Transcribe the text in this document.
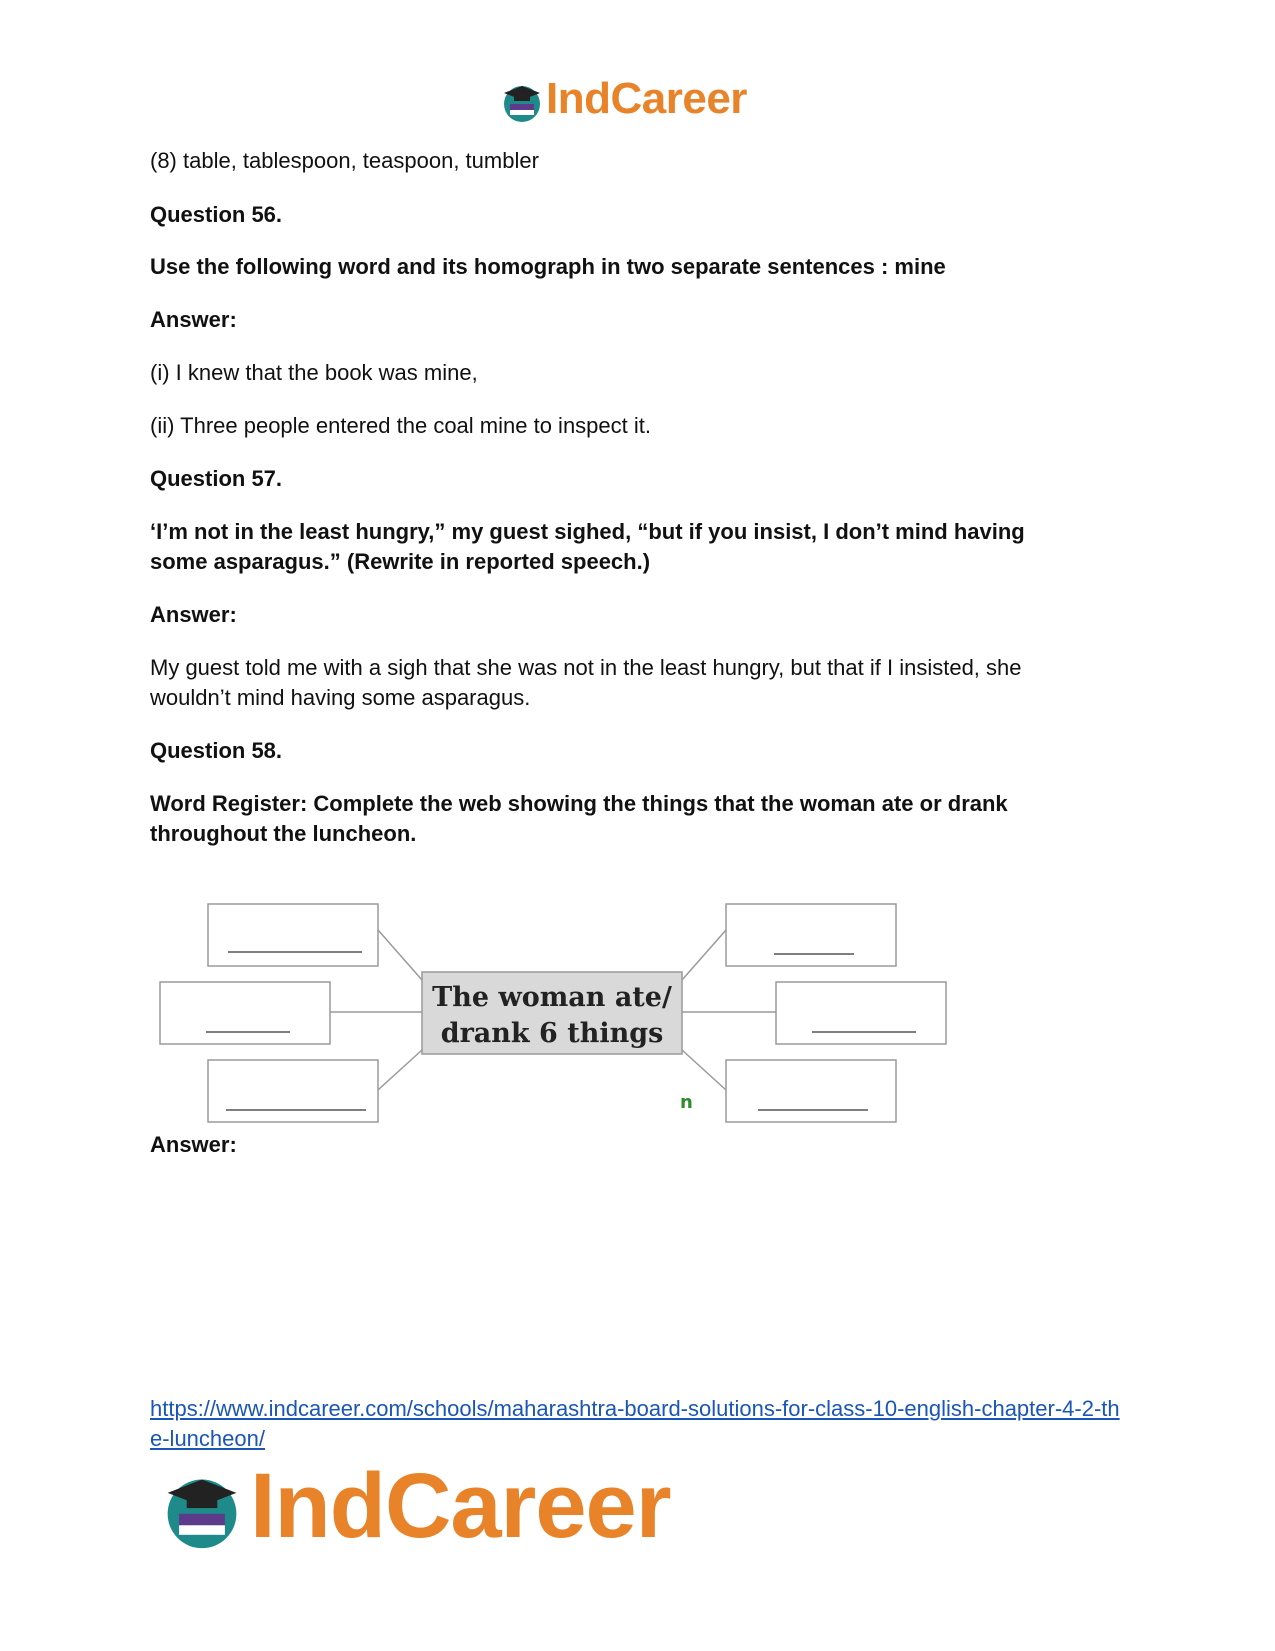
IndCareer

(8) table, tablespoon, teaspoon, tumbler

Question 56.

Use the following word and its homograph in two separate sentences : mine

Answer:

(i) I knew that the book was mine,

(ii) Three people entered the coal mine to inspect it.

Question 57.

‘I’m not in the least hungry,” my guest sighed, “but if you insist, I don’t mind having some asparagus.” (Rewrite in reported speech.)

Answer:

My guest told me with a sigh that she was not in the least hungry, but that if I insisted, she wouldn’t mind having some asparagus.

Question 58.

Word Register: Complete the web showing the things that the woman ate or drank throughout the luncheon.

Answer:

The woman ate/
drank 6 things
n
https://www.indcareer.com/schools/maharashtra-board-solutions-for-class-10-english-chapter-4-2-the-luncheon/
IndCareer
